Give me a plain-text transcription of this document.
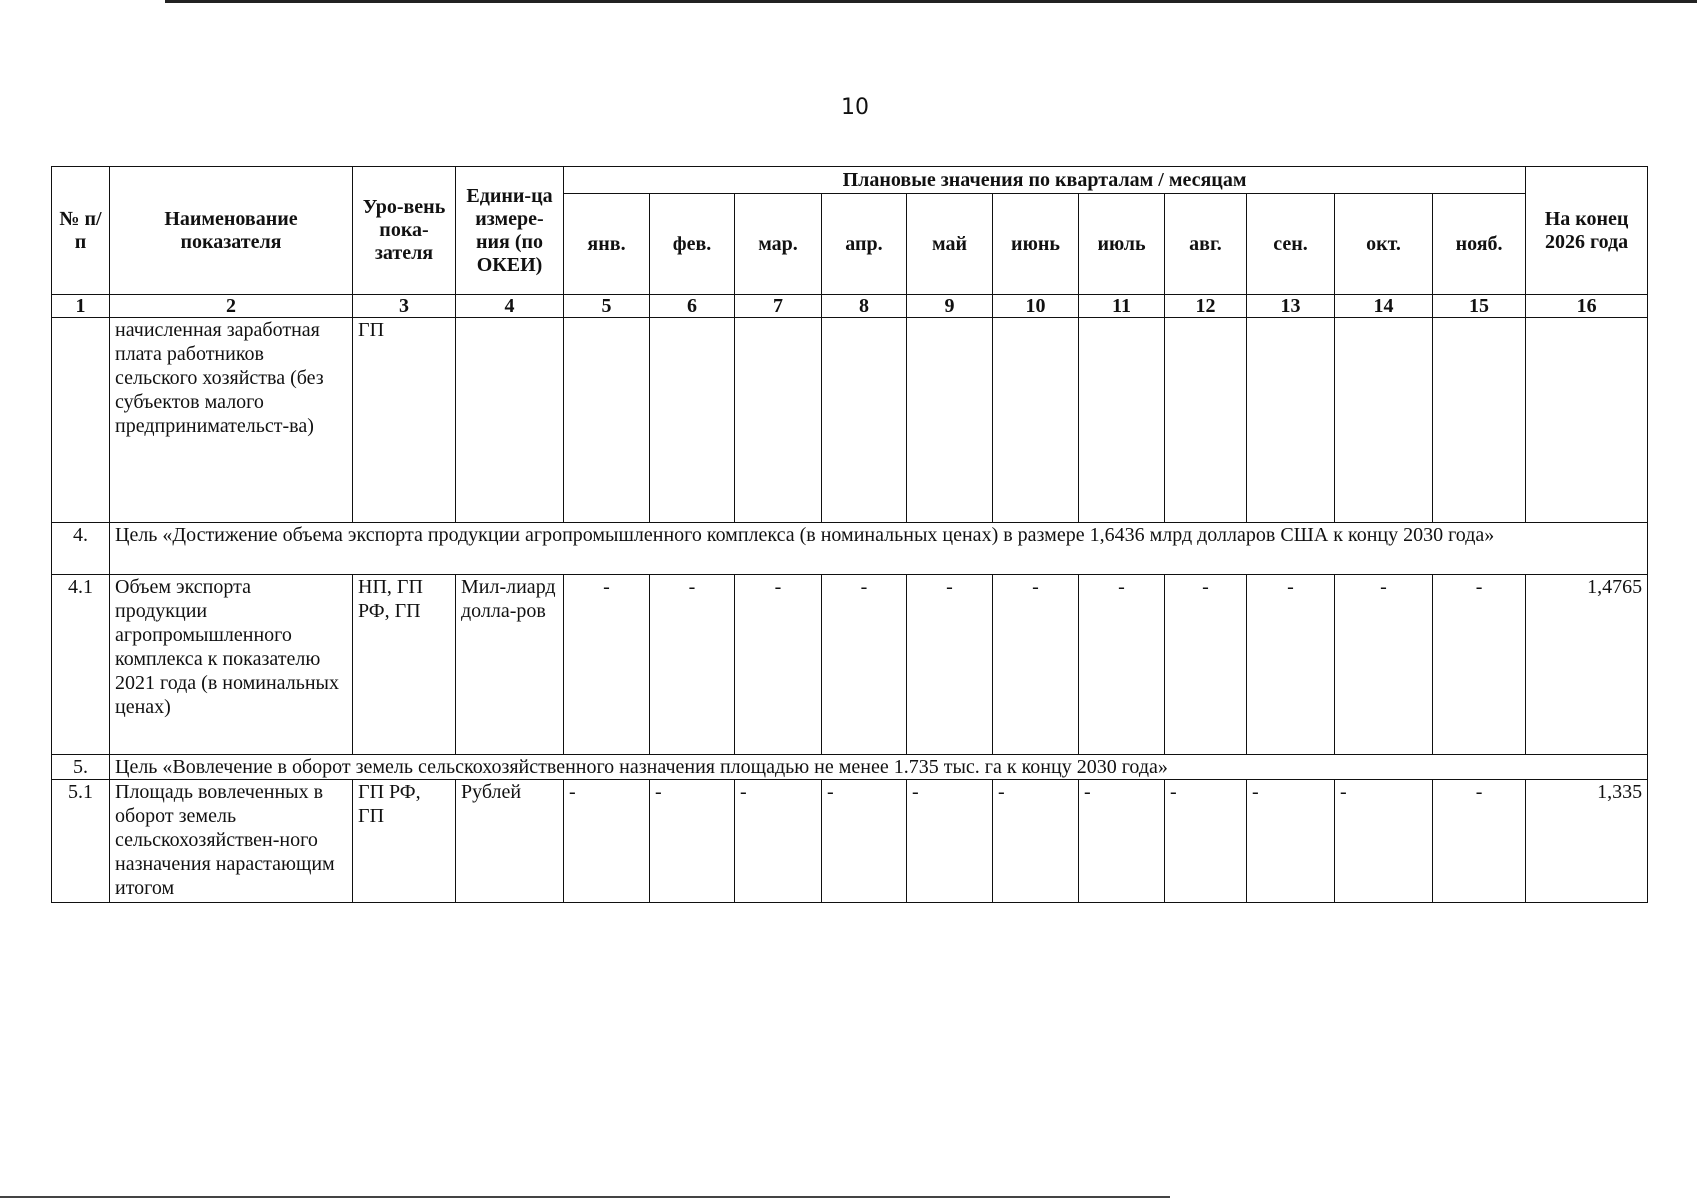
10
№ п/п	Наименование показателя	Уро-вень пока-зателя	Едини-ца измере-ния (по ОКЕИ)	Плановые значения по кварталам / месяцам											На конец 2026 года
				янв.	фев.	мар.	апр.	май	июнь	июль	авг.	сен.	окт.	нояб.	
1	2	3	4	5	6	7	8	9	10	11	12	13	14	15	16
	начисленная заработная плата работников сельского хозяйства (без субъектов малого предпринимательст-ва)	ГП													
4.	Цель «Достижение объема экспорта продукции агропромышленного комплекса (в номинальных ценах) в размере 1,6436 млрд долларов США к концу 2030 года»														
4.1	Объем экспорта продукции агропромышленного комплекса к показателю 2021 года (в номинальных ценах)	НП, ГП РФ, ГП	Мил-лиард долла-ров	-	-	-	-	-	-	-	-	-	-	-	1,4765
5.	Цель «Вовлечение в оборот земель сельскохозяйственного назначения площадью не менее 1.735 тыс. га к концу 2030 года»														
5.1	Площадь вовлеченных в оборот земель сельскохозяйствен-ного назначения нарастающим итогом	ГП РФ, ГП	Рублей	-	-	-	-	-	-	-	-	-	-	-	1,335
